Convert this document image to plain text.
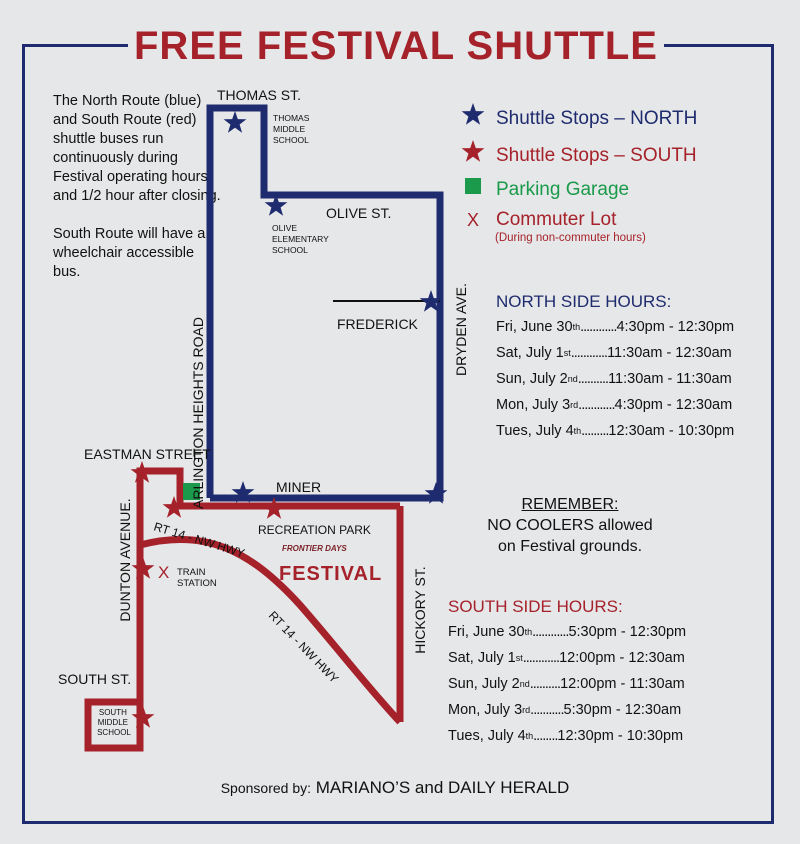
FREE FESTIVAL SHUTTLE

The North Route (blue) and South Route (red) shuttle buses run continuously during Festival operating hours and 1/2 hour after closing.

South Route will have a wheelchair accessible bus.

Shuttle Stops – NORTH
Shuttle Stops – SOUTH
Parking Garage
X Commuter Lot
(During non-commuter hours)
X
THOMAS ST.
THOMAS MIDDLE SCHOOL
OLIVE ST.
OLIVE ELEMENTARY SCHOOL
FREDERICK	DRYDEN AVE.
ARLINGTON HEIGHTS ROAD
EASTMAN STREET
MINER
RT 14 - NW HWY RECREATION PARK
FRONTIER DAYS
FESTIVAL
DUNTON AVENUE.	TRAIN STATION
RT 14 - NW HWY	HICKORY ST.
SOUTH ST.
SOUTH MIDDLE SCHOOL
NORTH SIDE HOURS:
Fri, June 30 th ............ 4:30pm - 12:30pm
Sat, July 1 st ............ 11:30am - 12:30am
Sun, July 2 nd .......... 11:30am - 11:30am
Mon, July 3 rd ............ 4:30pm - 12:30am
Tues, July 4 th ......... 12:30am - 10:30pm
REMEMBER:
NO COOLERS allowed
on Festival grounds.
SOUTH SIDE HOURS:
Fri, June 30 th ............ 5:30pm - 12:30pm
Sat, July 1 st ............ 12:00pm - 12:30am
Sun, July 2 nd .......... 12:00pm - 11:30am
Mon, July 3 rd ........... 5:30pm - 12:30am
Tues, July 4 th ........ 12:30pm - 10:30pm
Sponsored by: MARIANO’S and DAILY HERALD
